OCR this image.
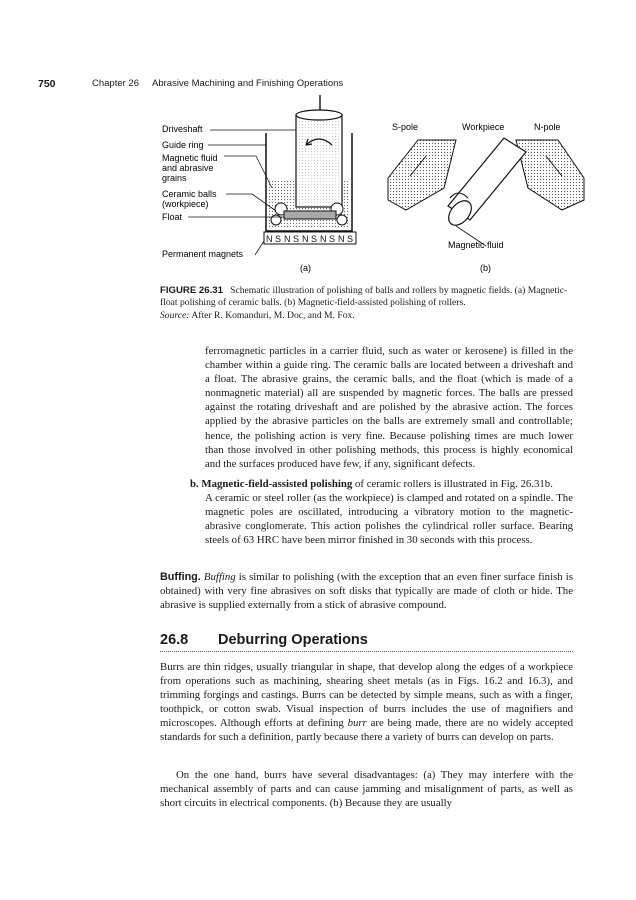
750	Chapter 26 Abrasive Machining and Finishing Operations
N S N S N S N S N S
Driveshaft
Guide ring
Magnetic fluid
and abrasive
grains
Ceramic balls
(workpiece)
Float
Permanent magnets
(a)
S-pole	Workpiece	N-pole
Magnetic fluid
(b)
FIGURE 26.31 Schematic illustration of polishing of balls and rollers by magnetic fields. (a) Magnetic-float polishing of ceramic balls. (b) Magnetic-field-assisted polishing of rollers.
Source: After R. Komanduri, M. Doc, and M. Fox.
ferromagnetic particles in a carrier fluid, such as water or kerosene) is filled in the chamber within a guide ring. The ceramic balls are located between a driveshaft and a float. The abrasive grains, the ceramic balls, and the float (which is made of a nonmagnetic material) all are suspended by magnetic forces. The balls are pressed against the rotating driveshaft and are polished by the abrasive action. The forces applied by the abrasive particles on the balls are extremely small and controllable; hence, the polishing action is very fine. Because polishing times are much lower than those involved in other polishing methods, this process is highly economical and the surfaces produced have few, if any, significant defects.
b. Magnetic-field-assisted polishing of ceramic rollers is illustrated in Fig. 26.31b.
A ceramic or steel roller (as the workpiece) is clamped and rotated on a spindle. The magnetic poles are oscillated, introducing a vibratory motion to the magnetic-abrasive conglomerate. This action polishes the cylindrical roller surface. Bearing steels of 63 HRC have been mirror finished in 30 seconds with this process.
Buffing. Buffing is similar to polishing (with the exception that an even finer surface finish is obtained) with very fine abrasives on soft disks that typically are made of cloth or hide. The abrasive is supplied externally from a stick of abrasive compound.
26.8 Deburring Operations
Burrs are thin ridges, usually triangular in shape, that develop along the edges of a workpiece from operations such as machining, shearing sheet metals (as in Figs. 16.2 and 16.3), and trimming forgings and castings. Burrs can be detected by simple means, such as with a finger, toothpick, or cotton swab. Visual inspection of burrs includes the use of magnifiers and microscopes. Although efforts at defining burr are being made, there are no widely accepted standards for such a definition, partly because there a variety of burrs can develop on parts.
On the one hand, burrs have several disadvantages: (a) They may interfere with the mechanical assembly of parts and can cause jamming and misalignment of parts, as well as short circuits in electrical components. (b) Because they are usually
